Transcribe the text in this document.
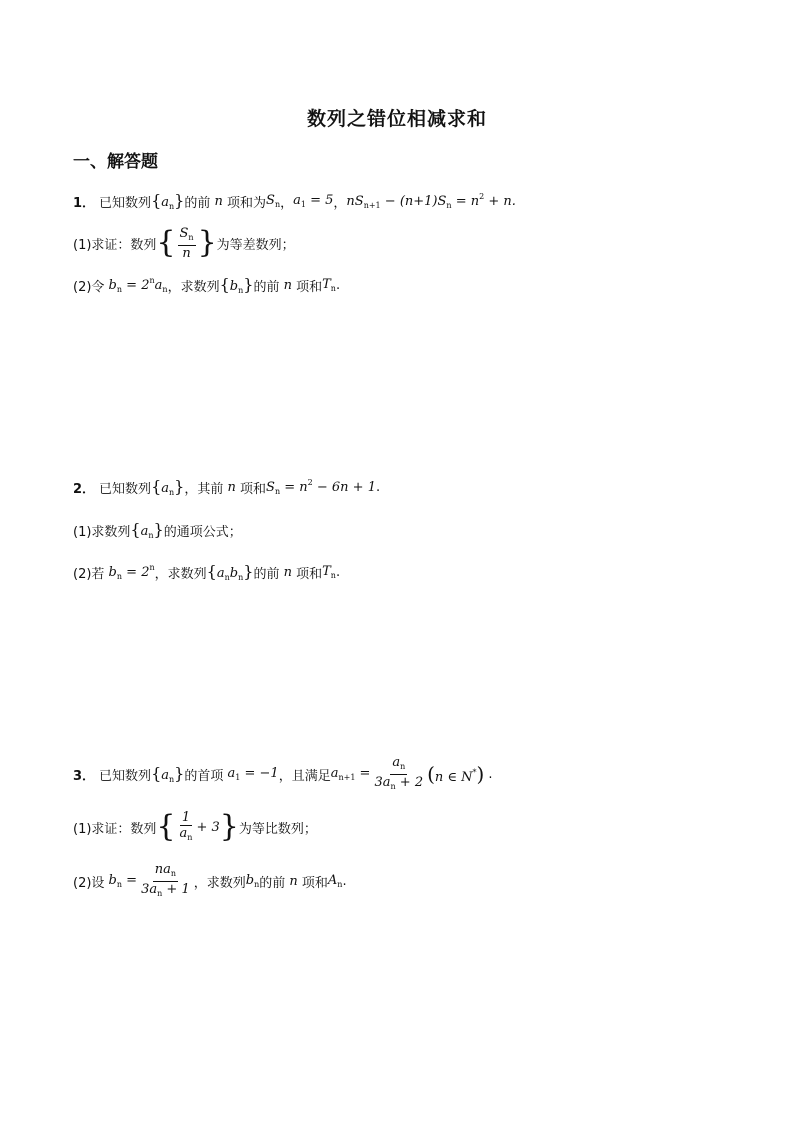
数列之错位相减求和
一、解答题
1． 已知数列 $\{a_n\}$ 的前 n 项和为 $S_n$ ， $a_1 = 5$ ， $nS_{n+1} - (n+1)S_n = n^2 + n$.
(1)求证：数列 { $\frac{S_n}{n}$ } 为等差数列；
(2)令 $b_n = 2^na_n$ ，求数列 $\{b_n\}$ 的前 n 项和 $T_n$ .
2． 已知数列 $\{a_n\}$ ，其前 n 项和 $S_n = n^2 - 6n + 1$ .
(1)求数列 $\{a_n\}$ 的通项公式；
(2)若 $b_n = 2^n$ ，求数列 $\{a_nb_n\}$ 的前 n 项和 $T_n$ .
3． 已知数列 $\{a_n\}$ 的首项 $a_1 = -1$ ，且满足 $a_{n+1} = \frac{a_n}{3a_n + 2} (n$ ∈ N*) .
(1)求证：数列 { $\frac{1}{a_n} + 3$ } 为等比数列；
(2)设 $b_n = \frac{na_n}{3a_n + 1}$ ，求数列 $b_n$ 的前 n 项和 $A_n$ .
